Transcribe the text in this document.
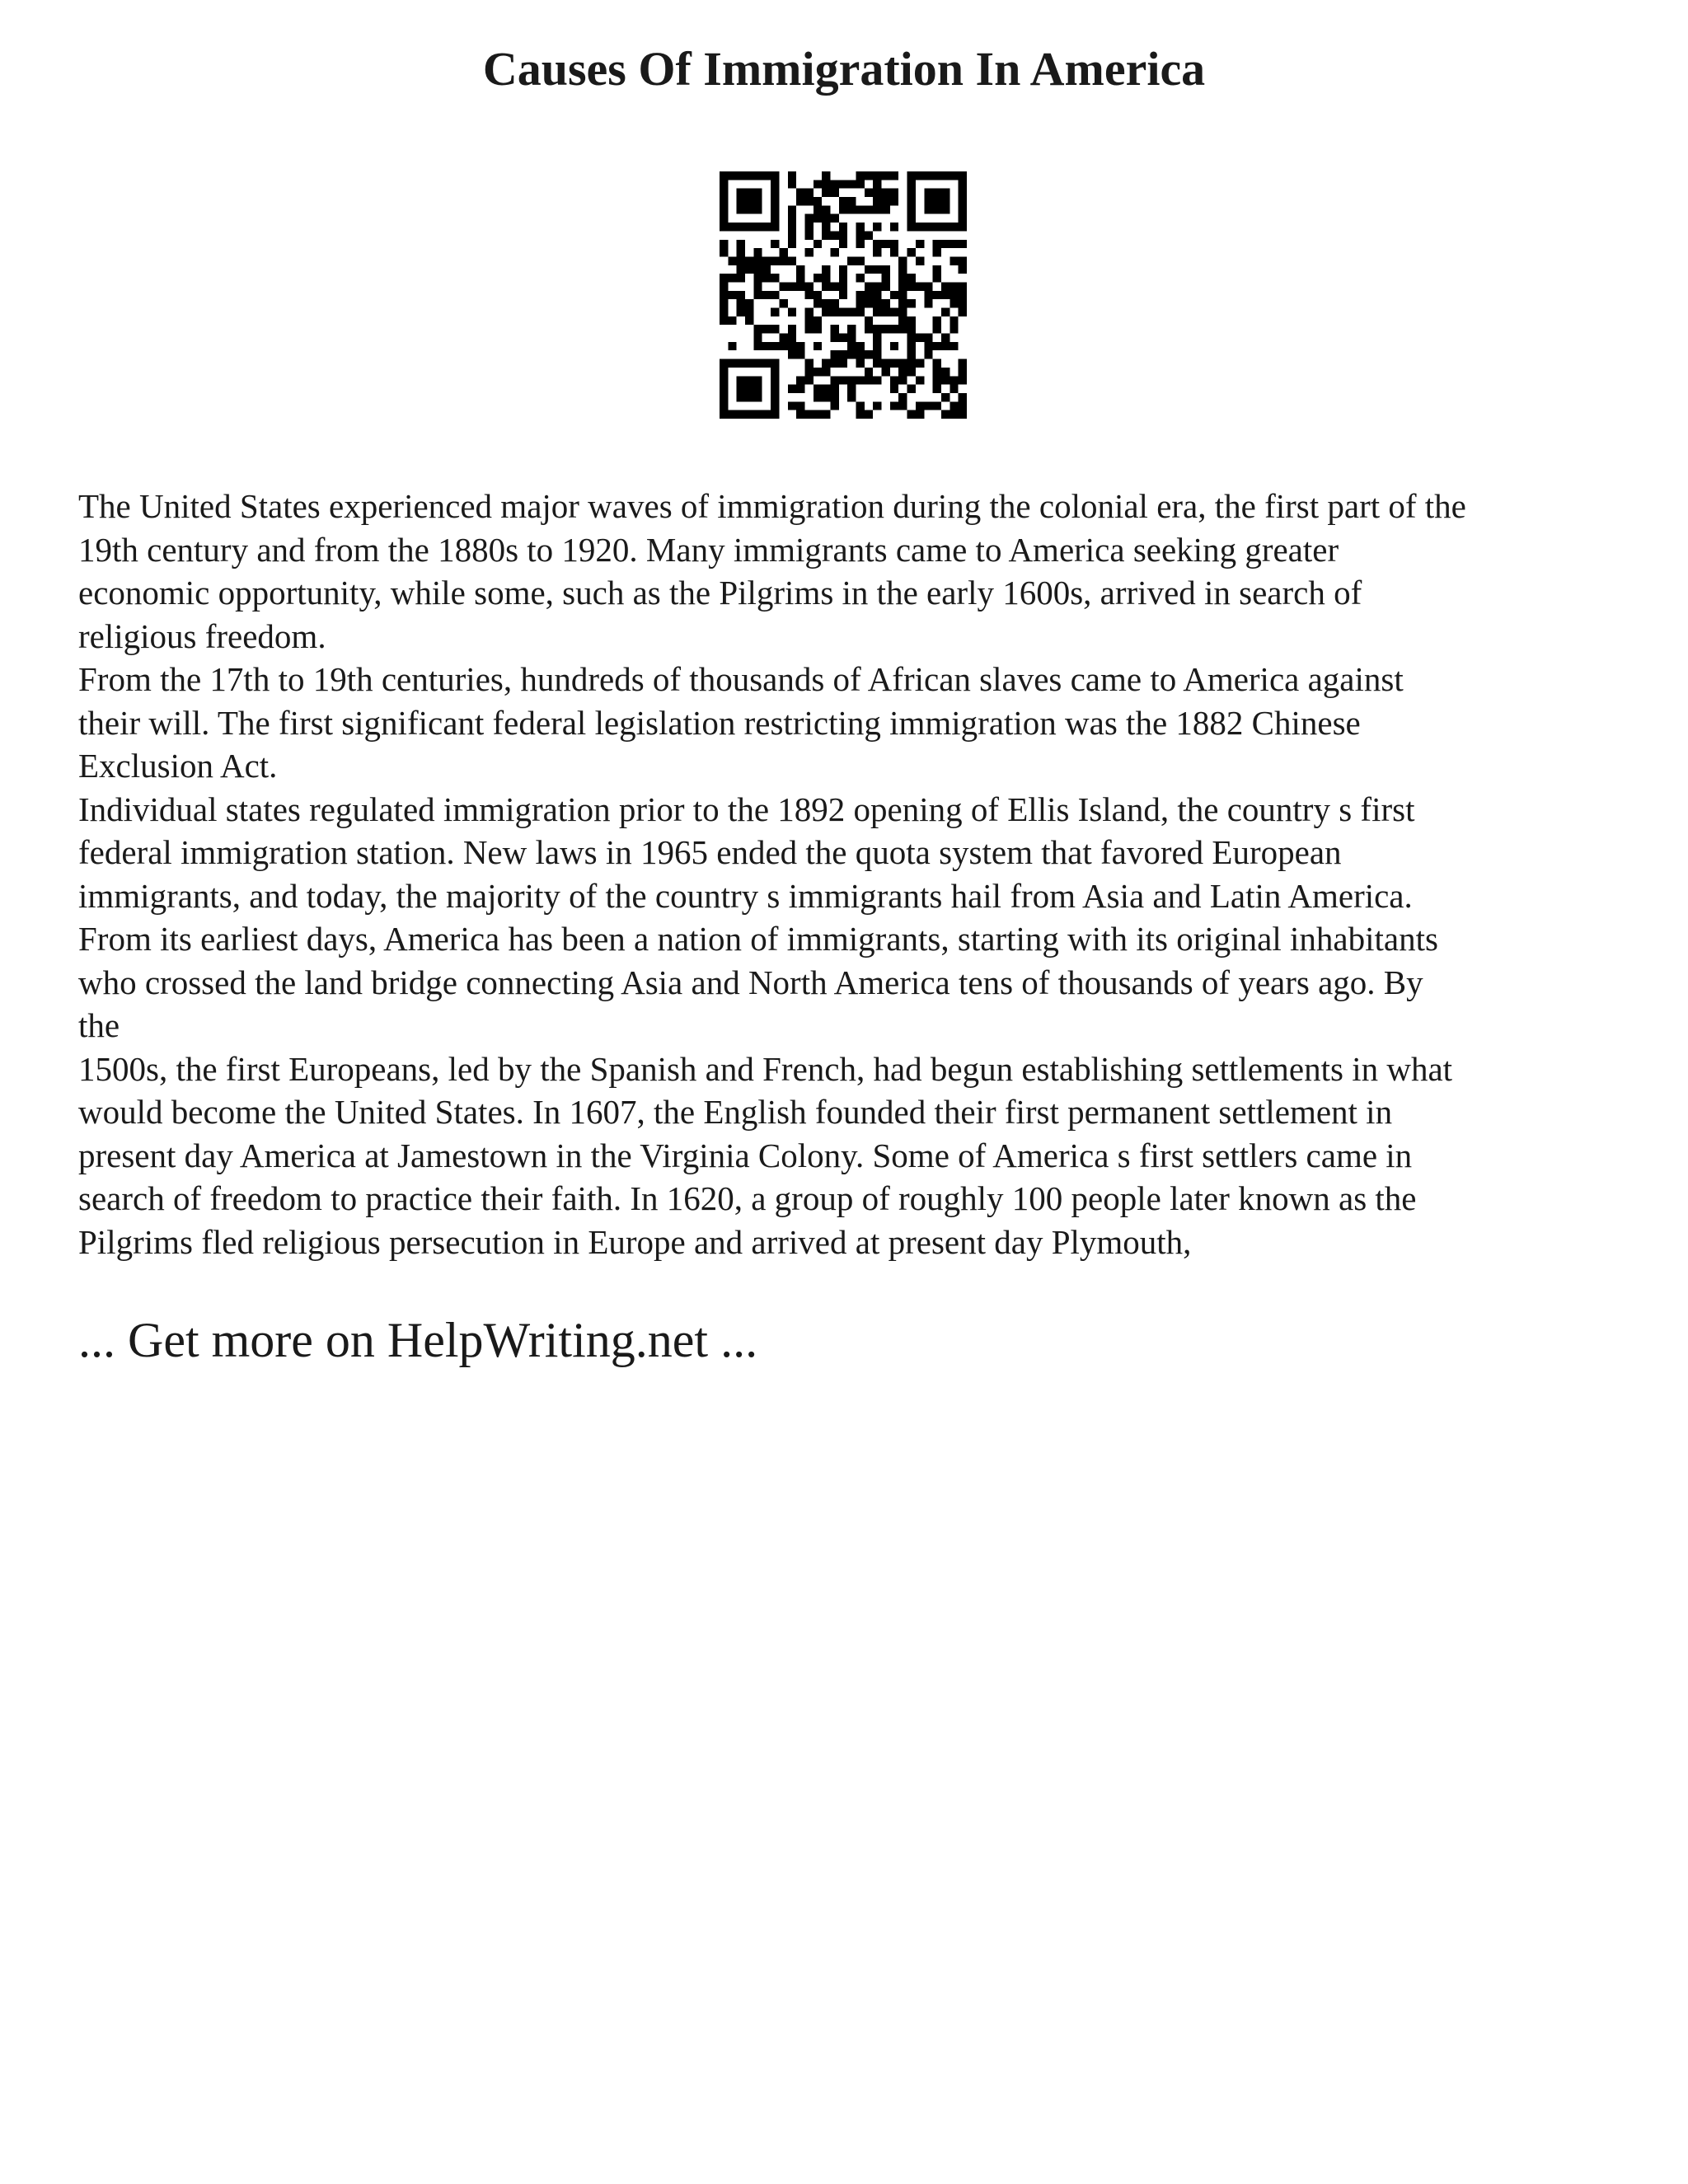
Causes Of Immigration In America
The United States experienced major waves of immigration during the colonial era, the first part of the
19th century and from the 1880s to 1920. Many immigrants came to America seeking greater
economic opportunity, while some, such as the Pilgrims in the early 1600s, arrived in search of
religious freedom.
From the 17th to 19th centuries, hundreds of thousands of African slaves came to America against
their will. The first significant federal legislation restricting immigration was the 1882 Chinese
Exclusion Act.
Individual states regulated immigration prior to the 1892 opening of Ellis Island, the country s first
federal immigration station. New laws in 1965 ended the quota system that favored European
immigrants, and today, the majority of the country s immigrants hail from Asia and Latin America.
From its earliest days, America has been a nation of immigrants, starting with its original inhabitants
who crossed the land bridge connecting Asia and North America tens of thousands of years ago. By
the
1500s, the first Europeans, led by the Spanish and French, had begun establishing settlements in what
would become the United States. In 1607, the English founded their first permanent settlement in
present day America at Jamestown in the Virginia Colony. Some of America s first settlers came in
search of freedom to practice their faith. In 1620, a group of roughly 100 people later known as the
Pilgrims fled religious persecution in Europe and arrived at present day Plymouth,
... Get more on HelpWriting.net ...
